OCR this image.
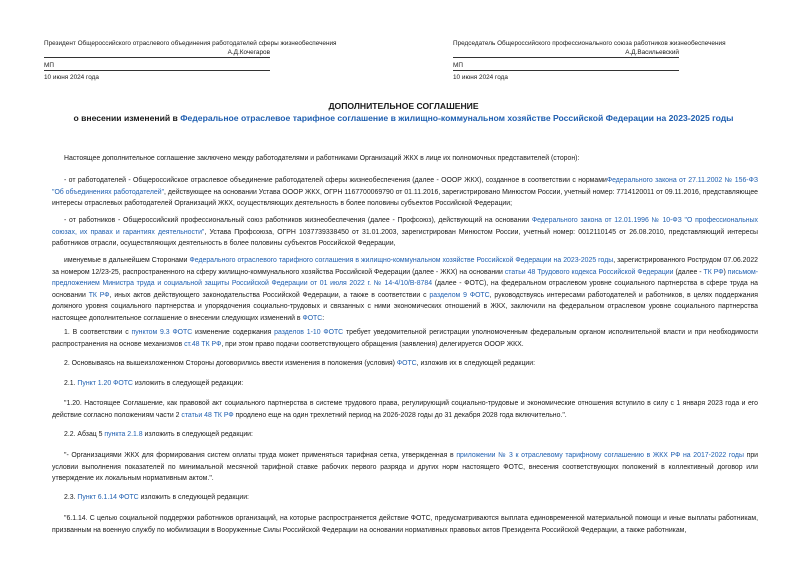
Президент Общероссийского отраслевого объединения работодателей сферы жизнеобеспечения
А.Д.Кочегаров
МП
10 июня 2024 года
Председатель Общероссийского профессионального союза работников жизнеобеспечения
А.Д.Васильевский
МП
10 июня 2024 года
ДОПОЛНИТЕЛЬНОЕ СОГЛАШЕНИЕ
о внесении изменений в Федеральное отраслевое тарифное соглашение в жилищно-коммунальном хозяйстве Российской Федерации на 2023-2025 годы
Настоящее дополнительное соглашение заключено между работодателями и работниками Организаций ЖКХ в лице их полномочных представителей (сторон):
- от работодателей - Общероссийское отраслевое объединение работодателей сферы жизнеобеспечения (далее - ОООР ЖКХ), созданное в соответствии с нормамиФедерального закона от 27.11.2002 № 156-ФЗ "Об объединениях работодателей", действующее на основании Устава ОООР ЖКХ, ОГРН 1167700069790 от 01.11.2016, зарегистрировано Минюстом России, учетный номер: 7714120011 от 09.11.2016, представляющее интересы отраслевых работодателей Организаций ЖКХ, осуществляющих деятельность в более половины субъектов Российской Федерации;
- от работников - Общероссийский профессиональный союз работников жизнеобеспечения (далее - Профсоюз), действующий на основании Федерального закона от 12.01.1996 № 10-ФЗ "О профессиональных союзах, их правах и гарантиях деятельности", Устава Профсоюза, ОГРН 1037739338450 от 31.01.2003, зарегистрирован Минюстом России, учетный номер: 0012110145 от 26.08.2010, представляющий интересы работников отрасли, осуществляющих деятельность в более половины субъектов Российской Федерации,
именуемые в дальнейшем Сторонами Федерального отраслевого тарифного соглашения в жилищно-коммунальном хозяйстве Российской Федерации на 2023-2025 годы, зарегистрированного Рострудом 07.06.2022 за номером 12/23-25, распространенного на сферу жилищно-коммунального хозяйства Российской Федерации (далее - ЖКХ) на основании статьи 48 Трудового кодекса Российской Федерации (далее - ТК РФ) письмом-предложением Министра труда и социальной защиты Российской Федерации от 01 июля 2022 г. № 14-4/10/В-8784 (далее - ФОТС), на федеральном отраслевом уровне социального партнерства в сфере труда на основании ТК РФ, иных актов действующего законодательства Российской Федерации, а также в соответствии с разделом 9 ФОТС, руководствуясь интересами работодателей и работников, в целях поддержания должного уровня социального партнерства и упорядочения социально-трудовых и связанных с ними экономических отношений в ЖКХ, заключили на федеральном отраслевом уровне социального партнерства настоящее дополнительное соглашение о внесении следующих изменений в ФОТС:
1. В соответствии с пунктом 9.3 ФОТС изменение содержания разделов 1-10 ФОТС требует уведомительной регистрации уполномоченным федеральным органом исполнительной власти и при необходимости распространения на основе механизмов ст.48 ТК РФ, при этом право подачи соответствующего обращения (заявления) делегируется ОООР ЖКХ.
2. Основываясь на вышеизложенном Стороны договорились ввести изменения в положения (условия) ФОТС, изложив их в следующей редакции:
2.1. Пункт 1.20 ФОТС изложить в следующей редакции:
"1.20. Настоящее Соглашение, как правовой акт социального партнерства в системе трудового права, регулирующий социально-трудовые и экономические отношения вступило в силу с 1 января 2023 года и его действие согласно положениям части 2 статьи 48 ТК РФ продлено еще на один трехлетний период на 2026-2028 годы до 31 декабря 2028 года включительно.".
2.2. Абзац 5 пункта 2.1.8 изложить в следующей редакции:
"- Организациями ЖКХ для формирования систем оплаты труда может применяться тарифная сетка, утвержденная в приложении № 3 к отраслевому тарифному соглашению в ЖКХ РФ на 2017-2022 годы при условии выполнения показателей по минимальной месячной тарифной ставке рабочих первого разряда и других норм настоящего ФОТС, внесения соответствующих положений в коллективный договор или утверждение их локальным нормативным актом.".
2.3. Пункт 6.1.14 ФОТС изложить в следующей редакции:
"6.1.14. С целью социальной поддержки работников организаций, на которые распространяется действие ФОТС, предусматриваются выплата единовременной материальной помощи и иные выплаты работникам, призванным на военную службу по мобилизации в Вооруженные Силы Российской Федерации на основании нормативных правовых актов Президента Российской Федерации, а также работникам,
